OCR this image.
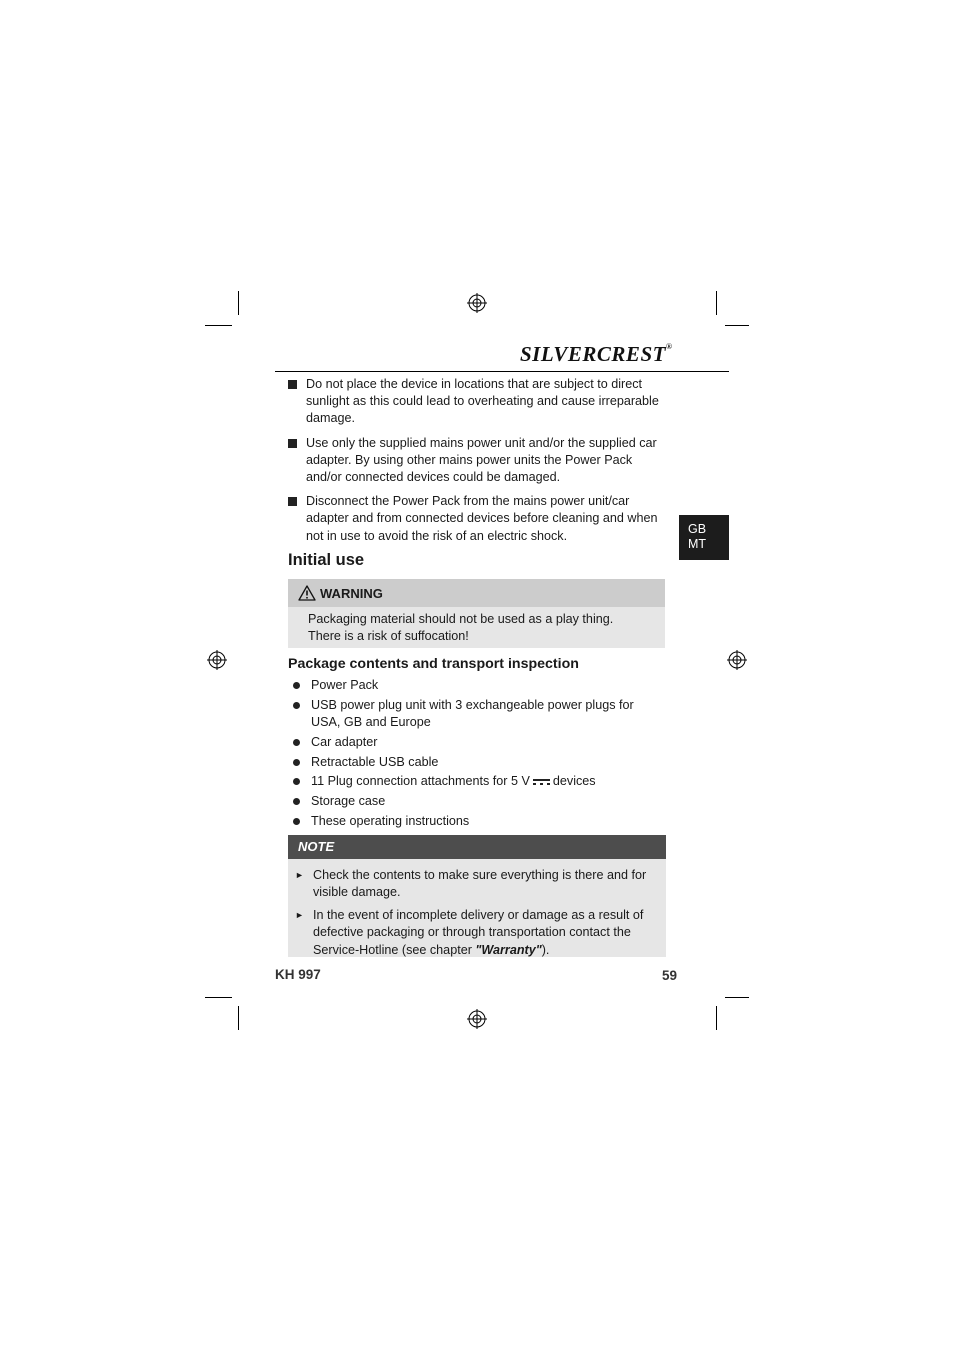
SILVERCREST®
Do not place the device in locations that are subject to direct sunlight as this could lead to overheating and cause irreparable damage.
Use only the supplied mains power unit and/or the supplied car adapter. By using other mains power units the Power Pack and/or connected devices could be damaged.
Disconnect the Power Pack from the mains power unit/car adapter and from connected devices before cleaning and when not in use to avoid the risk of an electric shock.	GB
MT
Initial use
WARNING
Packaging material should not be used as a play thing.
There is a risk of suffocation!
Package contents and transport inspection
Power Pack
USB power plug unit with 3 exchangeable power plugs for USA, GB and Europe
Car adapter
Retractable USB cable
11 Plug connection attachments for 5 V devices
Storage case
These operating instructions
NOTE
► Check the contents to make sure everything is there and for visible damage.
► In the event of incomplete delivery or damage as a result of defective packaging or through transportation contact the Service-Hotline (see chapter "Warranty").
KH 997	59
